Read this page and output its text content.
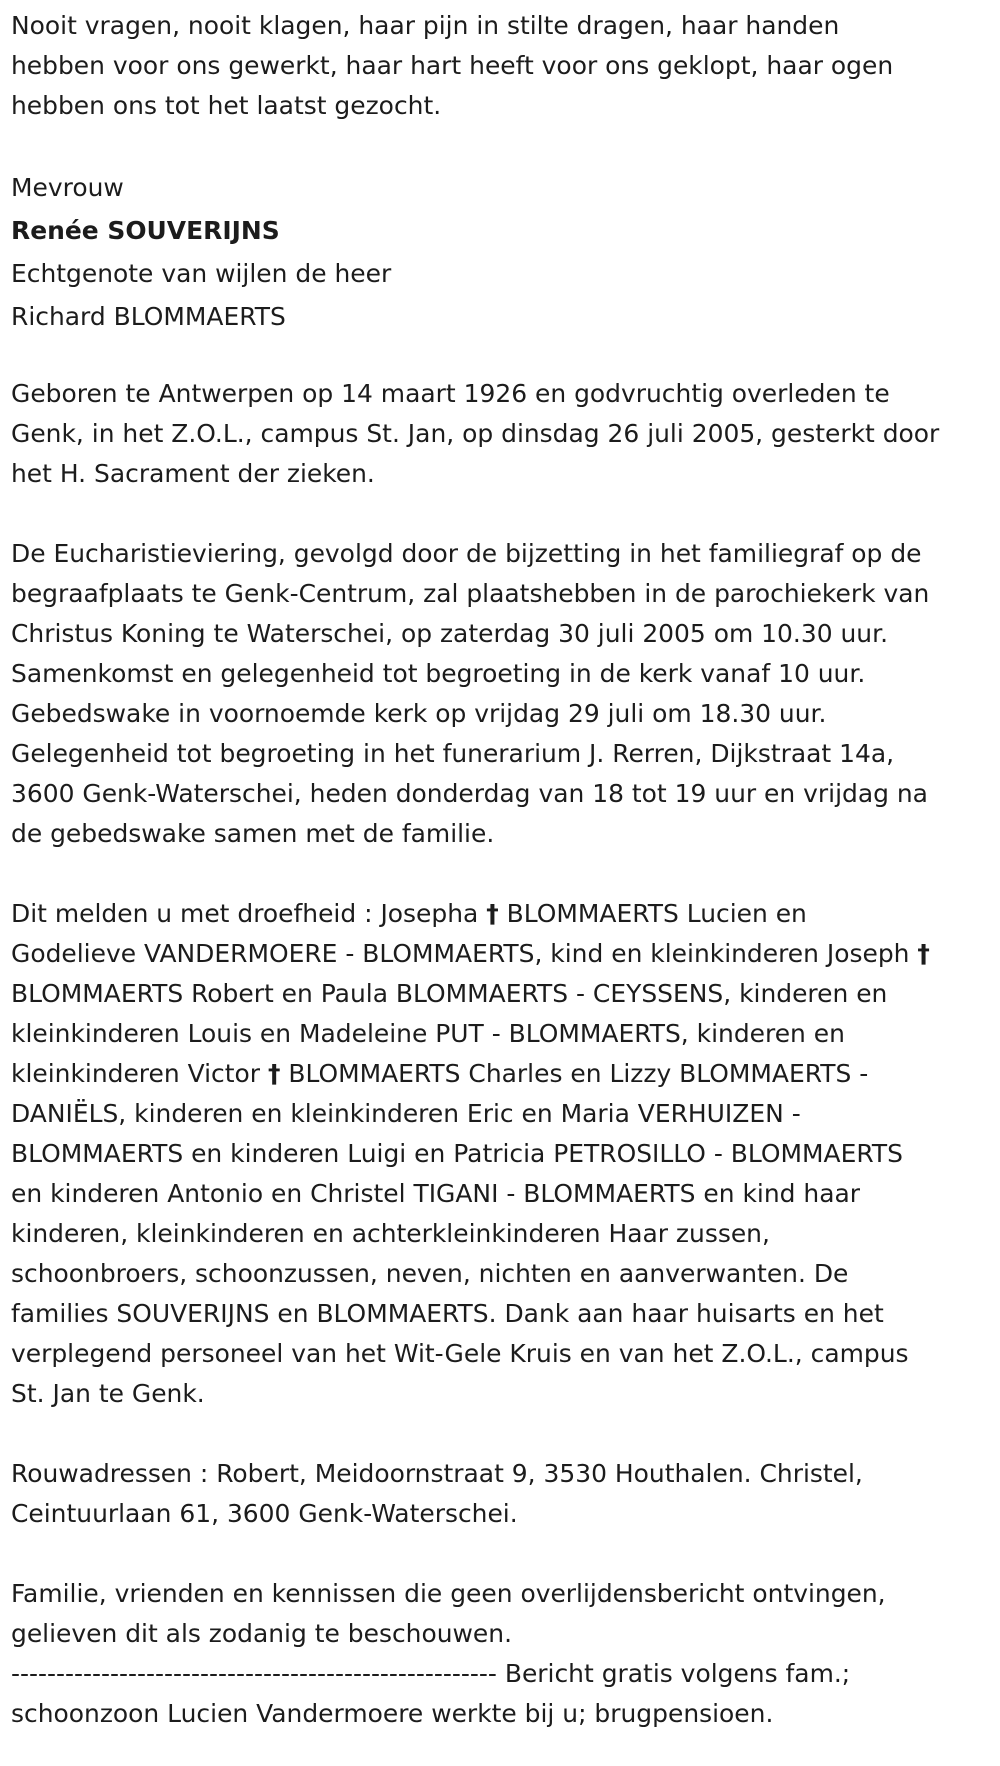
Nooit vragen, nooit klagen, haar pijn in stilte dragen, haar handen

hebben voor ons gewerkt, haar hart heeft voor ons geklopt, haar ogen

hebben ons tot het laatst gezocht.

Mevrouw

Renée SOUVERIJNS

Echtgenote van wijlen de heer

Richard BLOMMAERTS

Geboren te Antwerpen op 14 maart 1926 en godvruchtig overleden te

Genk, in het Z.O.L., campus St. Jan, op dinsdag 26 juli 2005, gesterkt door

het H. Sacrament der zieken.

De Eucharistieviering, gevolgd door de bijzetting in het familiegraf op de

begraafplaats te Genk-Centrum, zal plaatshebben in de parochiekerk van

Christus Koning te Waterschei, op zaterdag 30 juli 2005 om 10.30 uur.

Samenkomst en gelegenheid tot begroeting in de kerk vanaf 10 uur.

Gebedswake in voornoemde kerk op vrijdag 29 juli om 18.30 uur.

Gelegenheid tot begroeting in het funerarium J. Rerren, Dijkstraat 14a,

3600 Genk-Waterschei, heden donderdag van 18 tot 19 uur en vrijdag na

de gebedswake samen met de familie.

Dit melden u met droefheid : Josepha † BLOMMAERTS Lucien en

Godelieve VANDERMOERE - BLOMMAERTS, kind en kleinkinderen Joseph †

BLOMMAERTS Robert en Paula BLOMMAERTS - CEYSSENS, kinderen en

kleinkinderen Louis en Madeleine PUT - BLOMMAERTS, kinderen en

kleinkinderen Victor † BLOMMAERTS Charles en Lizzy BLOMMAERTS -

DANIËLS, kinderen en kleinkinderen Eric en Maria VERHUIZEN -

BLOMMAERTS en kinderen Luigi en Patricia PETROSILLO - BLOMMAERTS

en kinderen Antonio en Christel TIGANI - BLOMMAERTS en kind haar

kinderen, kleinkinderen en achterkleinkinderen Haar zussen,

schoonbroers, schoonzussen, neven, nichten en aanverwanten. De

families SOUVERIJNS en BLOMMAERTS. Dank aan haar huisarts en het

verplegend personeel van het Wit-Gele Kruis en van het Z.O.L., campus

St. Jan te Genk.

Rouwadressen : Robert, Meidoornstraat 9, 3530 Houthalen. Christel,

Ceintuurlaan 61, 3600 Genk-Waterschei.

Familie, vrienden en kennissen die geen overlijdensbericht ontvingen,

gelieven dit als zodanig te beschouwen.

------------------------------------------------------ Bericht gratis volgens fam.;

schoonzoon Lucien Vandermoere werkte bij u; brugpensioen.
